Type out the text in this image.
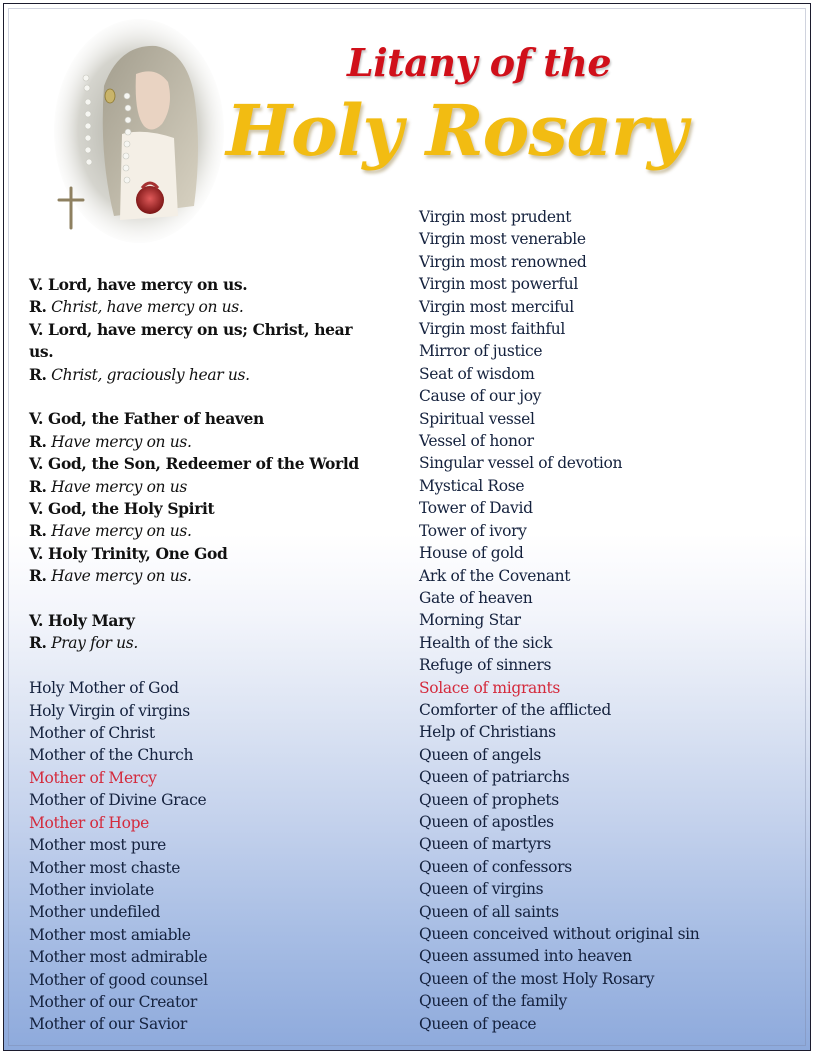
Litany of the
Holy Rosary
V. Lord, have mercy on us.
R. Christ, have mercy on us.
V. Lord, have mercy on us; Christ, hear us.
R. Christ, graciously hear us.
V. God, the Father of heaven
R. Have mercy on us.
V. God, the Son, Redeemer of the World
R. Have mercy on us
V. God, the Holy Spirit
R. Have mercy on us.
V. Holy Trinity, One God
R. Have mercy on us.
V. Holy Mary
R. Pray for us.
Holy Mother of God
Holy Virgin of virgins
Mother of Christ
Mother of the Church
Mother of Mercy
Mother of Divine Grace
Mother of Hope
Mother most pure
Mother most chaste
Mother inviolate
Mother undefiled
Mother most amiable
Mother most admirable
Mother of good counsel
Mother of our Creator
Mother of our Savior
Virgin most prudent
Virgin most venerable
Virgin most renowned
Virgin most powerful
Virgin most merciful
Virgin most faithful
Mirror of justice
Seat of wisdom
Cause of our joy
Spiritual vessel
Vessel of honor
Singular vessel of devotion
Mystical Rose
Tower of David
Tower of ivory
House of gold
Ark of the Covenant
Gate of heaven
Morning Star
Health of the sick
Refuge of sinners
Solace of migrants
Comforter of the afflicted
Help of Christians
Queen of angels
Queen of patriarchs
Queen of prophets
Queen of apostles
Queen of martyrs
Queen of confessors
Queen of virgins
Queen of all saints
Queen conceived without original sin
Queen assumed into heaven
Queen of the most Holy Rosary
Queen of the family
Queen of peace
